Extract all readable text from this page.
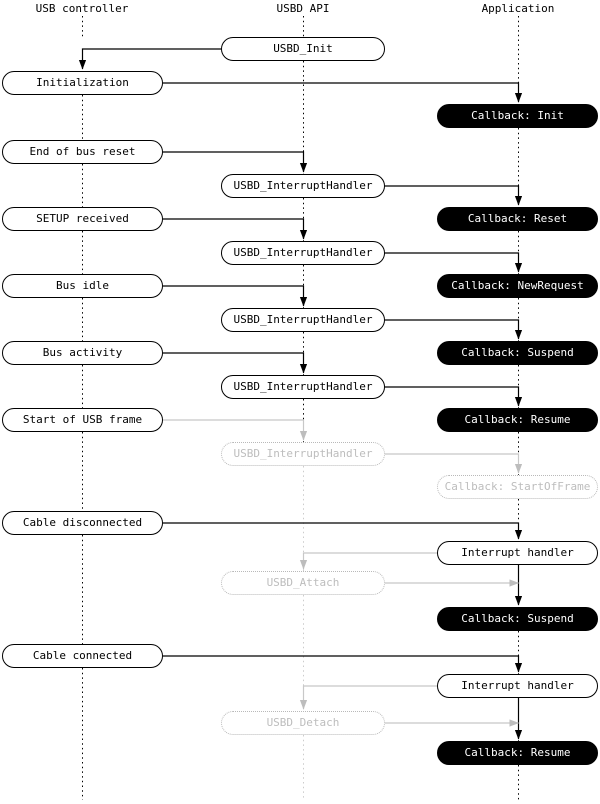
USB controller	USBD API	Application
USBD_Init
Initialization
Callback: Init
End of bus reset
USBD_InterruptHandler
SETUP received	Callback: Reset
USBD_InterruptHandler
Bus idle	Callback: NewRequest
USBD_InterruptHandler
Bus activity	Callback: Suspend
USBD_InterruptHandler
Start of USB frame	Callback: Resume
USBD_InterruptHandler
Callback: StartOfFrame
Cable disconnected
Interrupt handler
USBD_Attach
Callback: Suspend
Cable connected
Interrupt handler
USBD_Detach
Callback: Resume
